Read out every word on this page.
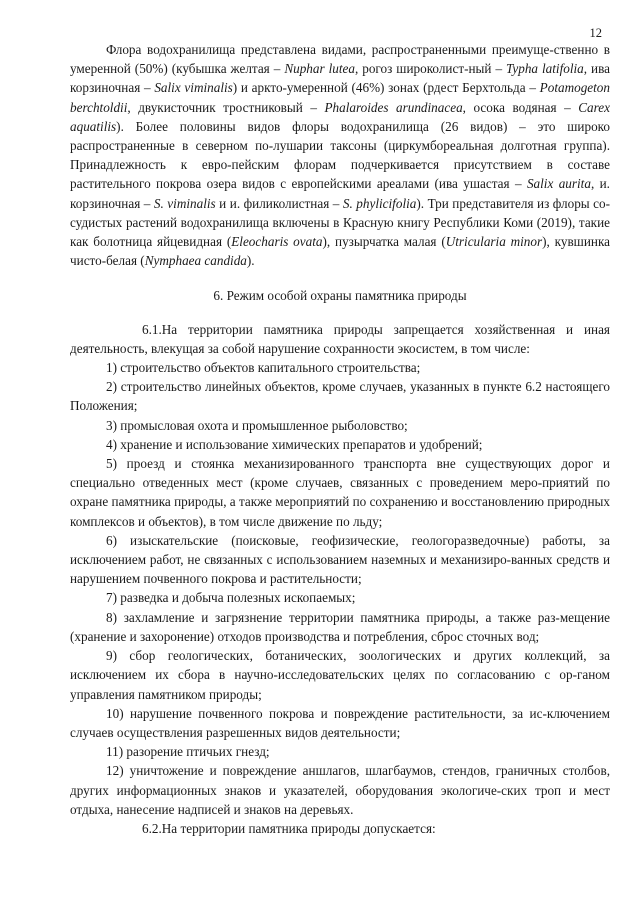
12

Флора водохранилища представлена видами, распространенными преимуще-ственно в умеренной (50%) (кубышка желтая – Nuphar lutea, рогоз широколист-ный – Typha latifolia, ива корзиночная – Salix viminalis) и аркто-умеренной (46%) зонах (рдест Берхтольда – Potamogeton berchtoldii, двукисточник тростниковый – Phalaroides arundinacea, осока водяная – Carex aquatilis). Более половины видов флоры водохранилища (26 видов) – это широко распространенные в северном по-лушарии таксоны (циркумбореальная долготная группа). Принадлежность к евро-пейским флорам подчеркивается присутствием в составе растительного покрова озера видов с европейскими ареалами (ива ушастая – Salix aurita, и. корзиночная – S. viminalis и и. филиколистная – S. phylicifolia). Три представителя из флоры со-судистых растений водохранилища включены в Красную книгу Республики Коми (2019), такие как болотница яйцевидная (Eleocharis ovata), пузырчатка малая (Utricularia minor), кувшинка чисто-белая (Nymphaea candida).

6. Режим особой охраны памятника природы

6.1.На территории памятника природы запрещается хозяйственная и иная деятельность, влекущая за собой нарушение сохранности экосистем, в том числе:

1) строительство объектов капитального строительства;

2) строительство линейных объектов, кроме случаев, указанных в пункте 6.2 настоящего Положения;

3) промысловая охота и промышленное рыболовство;

4) хранение и использование химических препаратов и удобрений;

5) проезд и стоянка механизированного транспорта вне существующих дорог и специально отведенных мест (кроме случаев, связанных с проведением меро-приятий по охране памятника природы, а также мероприятий по сохранению и восстановлению природных комплексов и объектов), в том числе движение по льду;

6) изыскательские (поисковые, геофизические, геологоразведочные) работы, за исключением работ, не связанных с использованием наземных и механизиро-ванных средств и нарушением почвенного покрова и растительности;

7) разведка и добыча полезных ископаемых;

8) захламление и загрязнение территории памятника природы, а также раз-мещение (хранение и захоронение) отходов производства и потребления, сброс сточных вод;

9) сбор геологических, ботанических, зоологических и других коллекций, за исключением их сбора в научно-исследовательских целях по согласованию с ор-ганом управления памятником природы;

10) нарушение почвенного покрова и повреждение растительности, за ис-ключением случаев осуществления разрешенных видов деятельности;

11) разорение птичьих гнезд;

12) уничтожение и повреждение аншлагов, шлагбаумов, стендов, граничных столбов, других информационных знаков и указателей, оборудования экологиче-ских троп и мест отдыха, нанесение надписей и знаков на деревьях.

6.2.На территории памятника природы допускается:
